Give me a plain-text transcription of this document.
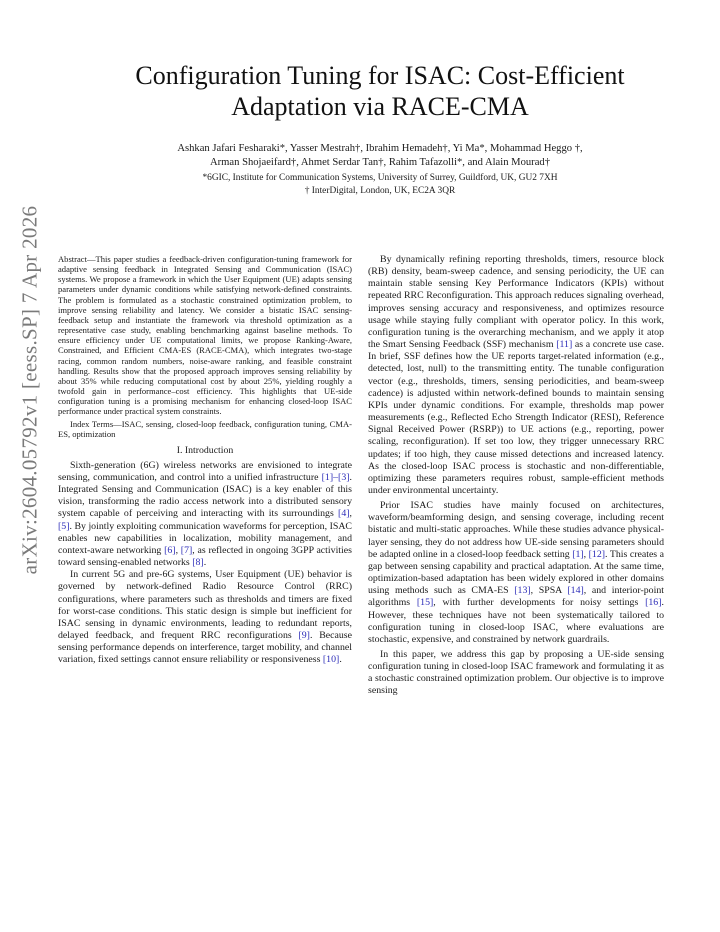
arXiv:2604.05792v1 [eess.SP] 7 Apr 2026
Configuration Tuning for ISAC: Cost-Efficient
Adaptation via RACE-CMA
Ashkan Jafari Fesharaki*, Yasser Mestrah†, Ibrahim Hemadeh†, Yi Ma*, Mohammad Heggo †,
Arman Shojaeifard†, Ahmet Serdar Tan†, Rahim Tafazolli*, and Alain Mourad†
*6GIC, Institute for Communication Systems, University of Surrey, Guildford, UK, GU2 7XH
† InterDigital, London, UK, EC2A 3QR

Abstract—This paper studies a feedback-driven configuration-tuning framework for adaptive sensing feedback in Integrated Sensing and Communication (ISAC) systems. We propose a framework in which the User Equipment (UE) adapts sensing parameters under dynamic conditions while satisfying network-defined constraints. The problem is formulated as a stochastic constrained optimization problem, to improve sensing reliability and latency. We consider a bistatic ISAC sensing-feedback setup and instantiate the framework via threshold optimization as a representative case study, enabling benchmarking against baseline methods. To ensure efficiency under UE computational limits, we propose Ranking-Aware, Constrained, and Efficient CMA-ES (RACE-CMA), which integrates two-stage racing, common random numbers, noise-aware ranking, and feasible constraint handling. Results show that the proposed approach improves sensing reliability by about 35% while reducing computational cost by about 25%, yielding roughly a twofold gain in performance–cost efficiency. This highlights that UE-side configuration tuning is a promising mechanism for enhancing closed-loop ISAC performance under practical system constraints.

Index Terms—ISAC, sensing, closed-loop feedback, configuration tuning, CMA-ES, optimization

I. Introduction

Sixth-generation (6G) wireless networks are envisioned to integrate sensing, communication, and control into a unified infrastructure [1]–[3]. Integrated Sensing and Communication (ISAC) is a key enabler of this vision, transforming the radio access network into a distributed sensory system capable of perceiving and interacting with its surroundings [4], [5]. By jointly exploiting communication waveforms for perception, ISAC enables new capabilities in localization, mobility management, and context-aware networking [6], [7], as reflected in ongoing 3GPP activities toward sensing-enabled networks [8].

In current 5G and pre-6G systems, User Equipment (UE) behavior is governed by network-defined Radio Resource Control (RRC) configurations, where parameters such as thresholds and timers are fixed for worst-case conditions. This static design is simple but inefficient for ISAC sensing in dynamic environments, leading to redundant reports, delayed feedback, and frequent RRC reconfigurations [9]. Because sensing performance depends on interference, target mobility, and channel variation, fixed settings cannot ensure reliability or responsiveness [10].

By dynamically refining reporting thresholds, timers, resource block (RB) density, beam-sweep cadence, and sensing periodicity, the UE can maintain stable sensing Key Performance Indicators (KPIs) without repeated RRC Reconfiguration. This approach reduces signaling overhead, improves sensing accuracy and responsiveness, and optimizes resource usage while staying fully compliant with operator policy. In this work, configuration tuning is the overarching mechanism, and we apply it atop the Smart Sensing Feedback (SSF) mechanism [11] as a concrete use case. In brief, SSF defines how the UE reports target-related information (e.g., detected, lost, null) to the transmitting entity. The tunable configuration vector (e.g., thresholds, timers, sensing periodicities, and beam-sweep cadence) is adjusted within network-defined bounds to maintain sensing KPIs under dynamic conditions. For example, thresholds map power measurements (e.g., Reflected Echo Strength Indicator (RESI), Reference Signal Received Power (RSRP)) to UE actions (e.g., reporting, power scaling, reconfiguration). If set too low, they trigger unnecessary RRC updates; if too high, they cause missed detections and increased latency. As the closed-loop ISAC process is stochastic and non-differentiable, optimizing these parameters requires robust, sample-efficient methods under environmental uncertainty.

Prior ISAC studies have mainly focused on architectures, waveform/beamforming design, and sensing coverage, including recent bistatic and multi-static approaches. While these studies advance physical-layer sensing, they do not address how UE-side sensing parameters should be adapted online in a closed-loop feedback setting [1], [12]. This creates a gap between sensing capability and practical adaptation. At the same time, optimization-based adaptation has been widely explored in other domains using methods such as CMA-ES [13], SPSA [14], and interior-point algorithms [15], with further developments for noisy settings [16]. However, these techniques have not been systematically tailored to configuration tuning in closed-loop ISAC, where evaluations are stochastic, expensive, and constrained by network guardrails.

In this paper, we address this gap by proposing a UE-side sensing configuration tuning in closed-loop ISAC framework and formulating it as a stochastic constrained optimization problem. Our objective is to improve sensing
